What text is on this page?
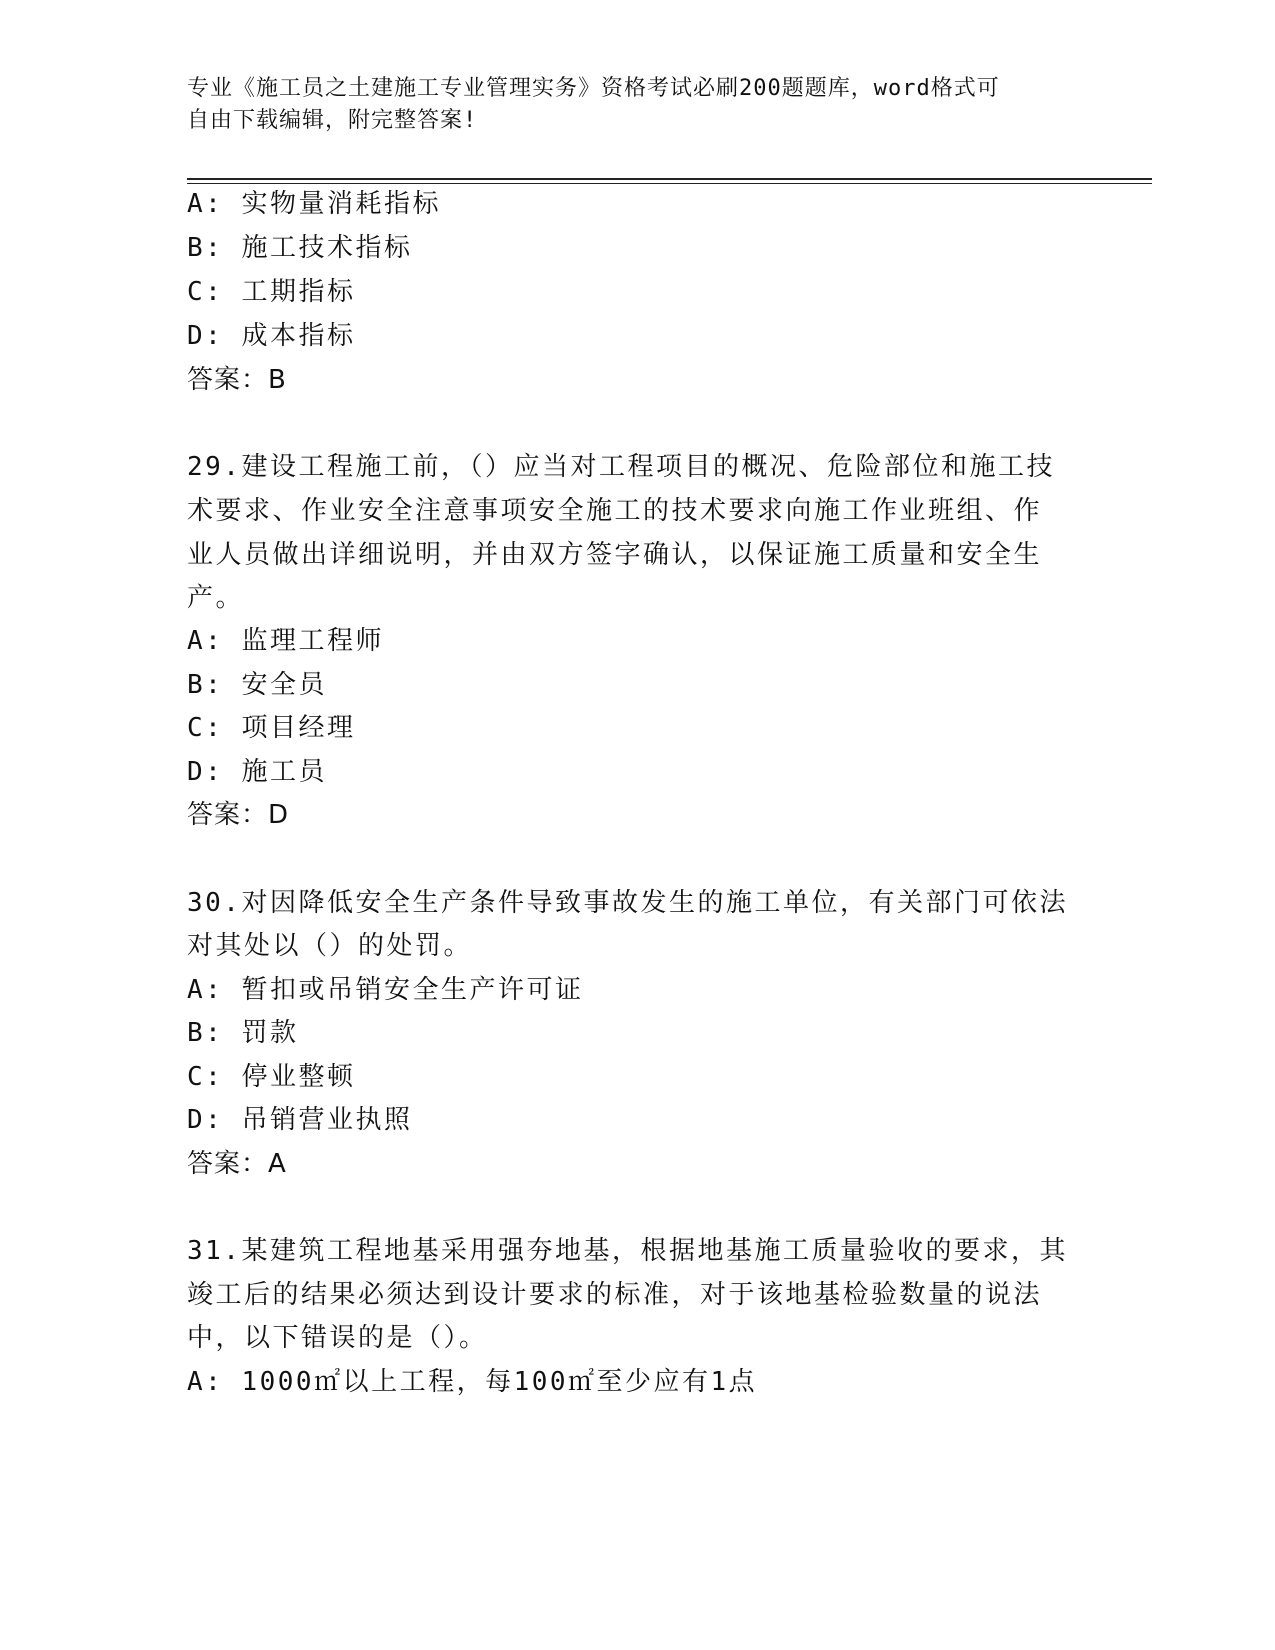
专业《施工员之土建施工专业管理实务》资格考试必刷200题题库，word格式可
自由下载编辑，附完整答案!
A: 实物量消耗指标
B: 施工技术指标
C: 工期指标
D: 成本指标
答案：B
29.建设工程施工前，（）应当对工程项目的概况、危险部位和施工技
术要求、作业安全注意事项安全施工的技术要求向施工作业班组、作
业人员做出详细说明，并由双方签字确认，以保证施工质量和安全生
产。
A: 监理工程师
B: 安全员
C: 项目经理
D: 施工员
答案：D
30.对因降低安全生产条件导致事故发生的施工单位，有关部门可依法
对其处以（）的处罚。
A: 暂扣或吊销安全生产许可证
B: 罚款
C: 停业整顿
D: 吊销营业执照
答案：A
31.某建筑工程地基采用强夯地基，根据地基施工质量验收的要求，其
竣工后的结果必须达到设计要求的标准，对于该地基检验数量的说法
中，以下错误的是（）。
A: 1000㎡以上工程，每100㎡至少应有1点
